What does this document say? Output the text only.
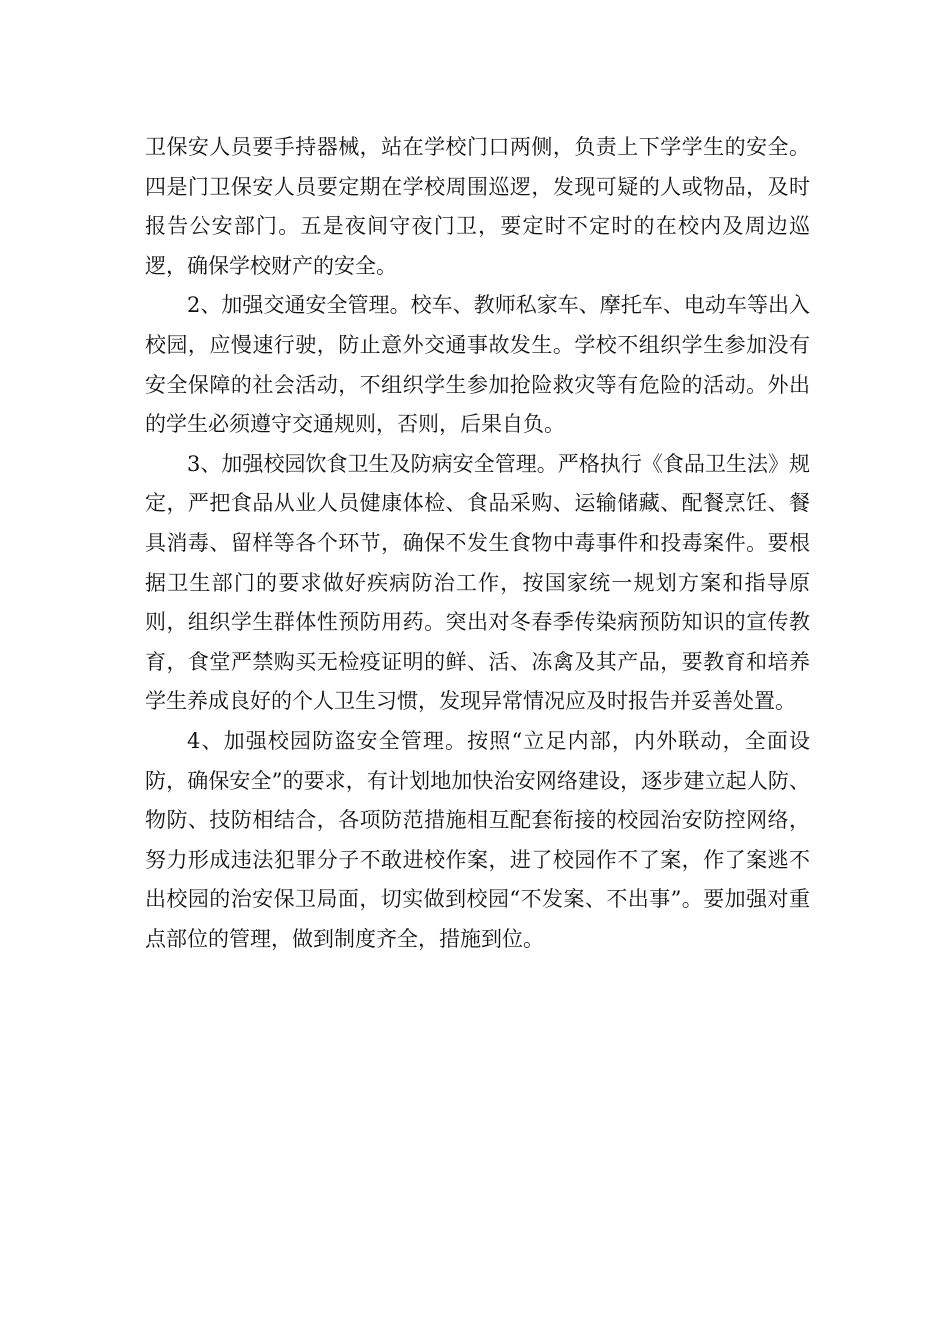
卫保安人员要手持器械，站在学校门口两侧，负责上下学学生的安全。四是门卫保安人员要定期在学校周围巡逻，发现可疑的人或物品，及时报告公安部门。五是夜间守夜门卫，要定时不定时的在校内及周边巡逻，确保学校财产的安全。

2、加强交通安全管理。校车、教师私家车、摩托车、电动车等出入校园，应慢速行驶，防止意外交通事故发生。学校不组织学生参加没有安全保障的社会活动，不组织学生参加抢险救灾等有危险的活动。外出的学生必须遵守交通规则，否则，后果自负。

3、加强校园饮食卫生及防病安全管理。严格执行《食品卫生法》规定，严把食品从业人员健康体检、食品采购、运输储藏、配餐烹饪、餐具消毒、留样等各个环节，确保不发生食物中毒事件和投毒案件。要根据卫生部门的要求做好疾病防治工作，按国家统一规划方案和指导原则，组织学生群体性预防用药。突出对冬春季传染病预防知识的宣传教育，食堂严禁购买无检疫证明的鲜、活、冻禽及其产品，要教育和培养学生养成良好的个人卫生习惯，发现异常情况应及时报告并妥善处置。

4、加强校园防盗安全管理。按照“立足内部，内外联动，全面设防，确保安全”的要求，有计划地加快治安网络建设，逐步建立起人防、物防、技防相结合，各项防范措施相互配套衔接的校园治安防控网络，努力形成违法犯罪分子不敢进校作案，进了校园作不了案，作了案逃不出校园的治安保卫局面，切实做到校园“不发案、不出事”。要加强对重点部位的管理，做到制度齐全，措施到位。
